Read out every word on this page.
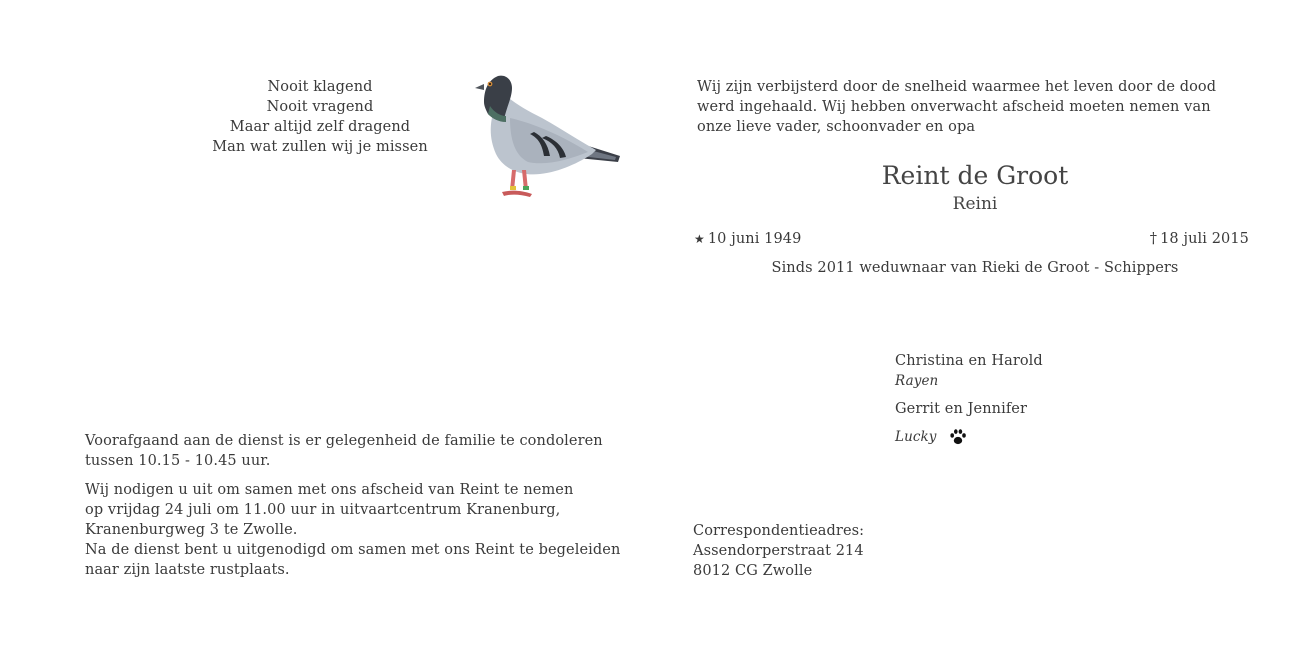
Nooit klagend
Nooit vragend
Maar altijd zelf dragend
Man wat zullen wij je missen
Wij zijn verbijsterd door de snelheid waarmee het leven door de dood
werd ingehaald. Wij hebben onverwacht afscheid moeten nemen van
onze lieve vader, schoonvader en opa
Reint de Groot
Reini
★ 10 juni 1949	† 18 juli 2015
Sinds 2011 weduwnaar van Rieki de Groot - Schippers
Christina en Harold
Rayen
Gerrit en Jennifer
Lucky
Voorafgaand aan de dienst is er gelegenheid de familie te condoleren
tussen 10.15 - 10.45 uur.
Wij nodigen u uit om samen met ons afscheid van Reint te nemen
op vrijdag 24 juli om 11.00 uur in uitvaartcentrum Kranenburg,
Kranenburgweg 3 te Zwolle.
Na de dienst bent u uitgenodigd om samen met ons Reint te begeleiden
naar zijn laatste rustplaats.
Correspondentieadres:
Assendorperstraat 214
8012 CG Zwolle
